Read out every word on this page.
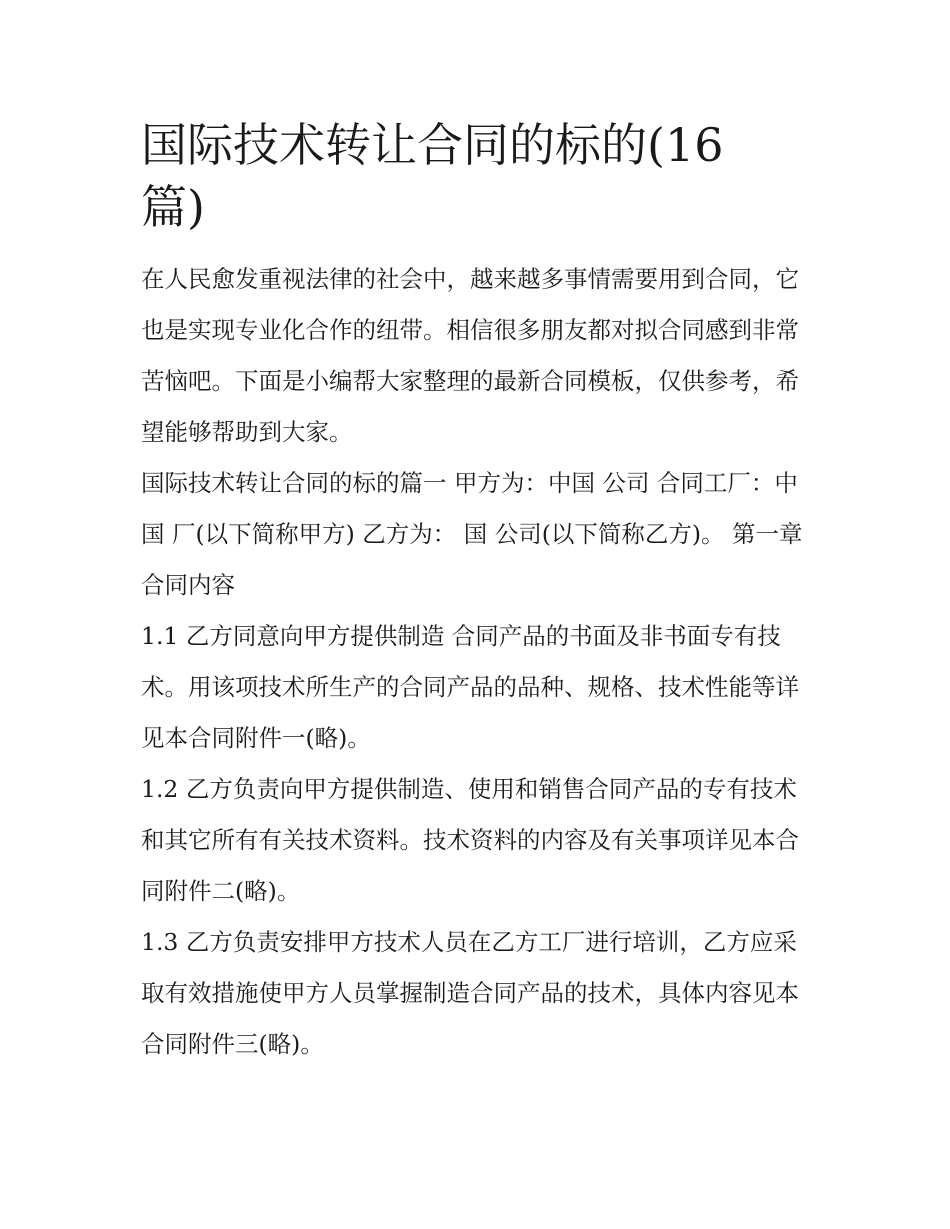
国际技术转让合同的标的(16篇)

在人民愈发重视法律的社会中，越来越多事情需要用到合同，它也是实现专业化合作的纽带。相信很多朋友都对拟合同感到非常苦恼吧。下面是小编帮大家整理的最新合同模板，仅供参考，希望能够帮助到大家。

国际技术转让合同的标的篇一 甲方为：中国 公司 合同工厂：中国 厂(以下简称甲方) 乙方为： 国 公司(以下简称乙方)。 第一章合同内容

1.1 乙方同意向甲方提供制造 合同产品的书面及非书面专有技术。用该项技术所生产的合同产品的品种、规格、技术性能等详见本合同附件一(略)。

1.2 乙方负责向甲方提供制造、使用和销售合同产品的专有技术和其它所有有关技术资料。技术资料的内容及有关事项详见本合同附件二(略)。

1.3 乙方负责安排甲方技术人员在乙方工厂进行培训，乙方应采取有效措施使甲方人员掌握制造合同产品的技术，具体内容见本合同附件三(略)。
